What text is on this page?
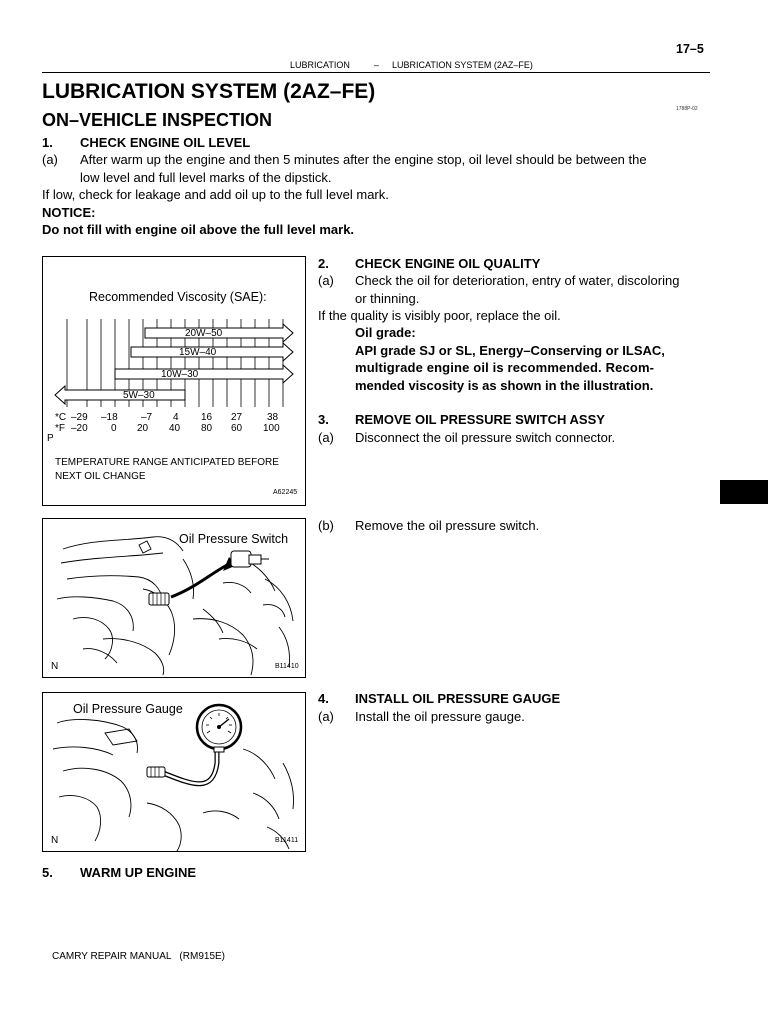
17–5
LUBRICATION	– LUBRICATION SYSTEM (2AZ–FE)
LUBRICATION SYSTEM (2AZ–FE)
1788P-02
ON–VEHICLE INSPECTION
1. CHECK ENGINE OIL LEVEL
(a) After warm up the engine and then 5 minutes after the engine stop, oil level should be between the
low level and full level marks of the dipstick.
If low, check for leakage and add oil up to the full level mark.
NOTICE:
Do not fill with engine oil above the full level mark.
2. CHECK ENGINE OIL QUALITY
(a) Check the oil for deterioration, entry of water, discoloring
or thinning.
If the quality is visibly poor, replace the oil.
Oil grade:
API grade SJ or SL, Energy–Conserving or ILSAC,
multigrade engine oil is recommended. Recom-
mended viscosity is as shown in the illustration.
3. REMOVE OIL PRESSURE SWITCH ASSY
(a) Disconnect the oil pressure switch connector.
(b) Remove the oil pressure switch.
4. INSTALL OIL PRESSURE GAUGE
(a) Install the oil pressure gauge.
5. WARM UP ENGINE
Recommended Viscosity (SAE):
20W–50
15W–40
10W–30
5W–30
*C
*F
–29 –18 –7 4 16 27 38
–20 0 20 40 80 60 100
P
TEMPERATURE RANGE ANTICIPATED BEFORE
NEXT OIL CHANGE
A62245
Oil Pressure Switch
N	B11410
Oil Pressure Gauge
N	B11411
CAMRY REPAIR MANUAL   (RM915E)
